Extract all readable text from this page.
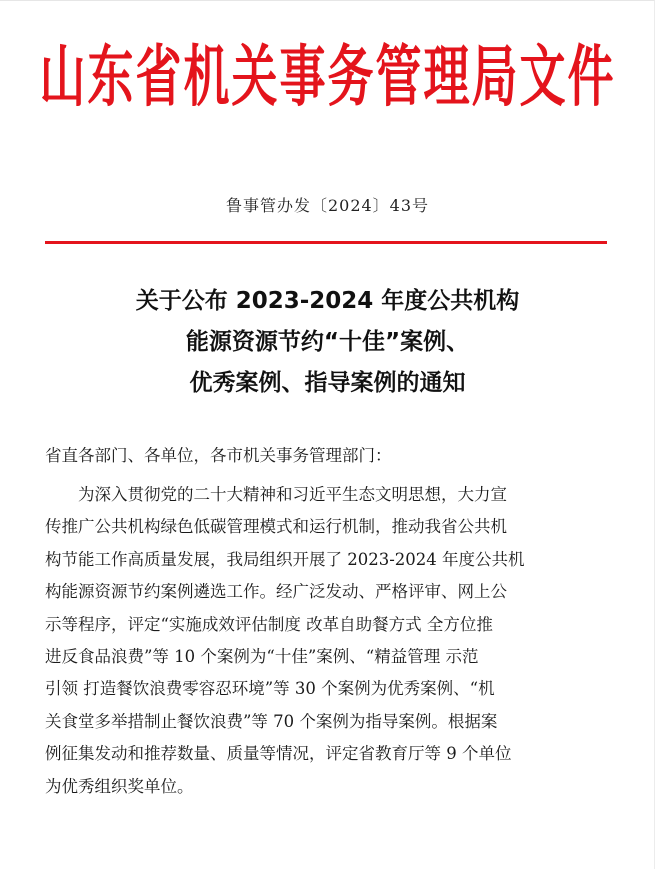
山东省机关事务管理局文件
鲁事管办发〔2024〕43号
关于公布 2023-2024 年度公共机构
能源资源节约“十佳”案例、
优秀案例、指导案例的通知
省直各部门、各单位，各市机关事务管理部门：
　　为深入贯彻党的二十大精神和习近平生态文明思想，大力宣
传推广公共机构绿色低碳管理模式和运行机制，推动我省公共机
构节能工作高质量发展，我局组织开展了 2023-2024 年度公共机
构能源资源节约案例遴选工作。经广泛发动、严格评审、网上公
示等程序，评定“实施成效评估制度 改革自助餐方式 全方位推
进反食品浪费”等 10 个案例为“十佳”案例、“精益管理 示范
引领 打造餐饮浪费零容忍环境”等 30 个案例为优秀案例、“机
关食堂多举措制止餐饮浪费”等 70 个案例为指导案例。根据案
例征集发动和推荐数量、质量等情况，评定省教育厅等 9 个单位
为优秀组织奖单位。
